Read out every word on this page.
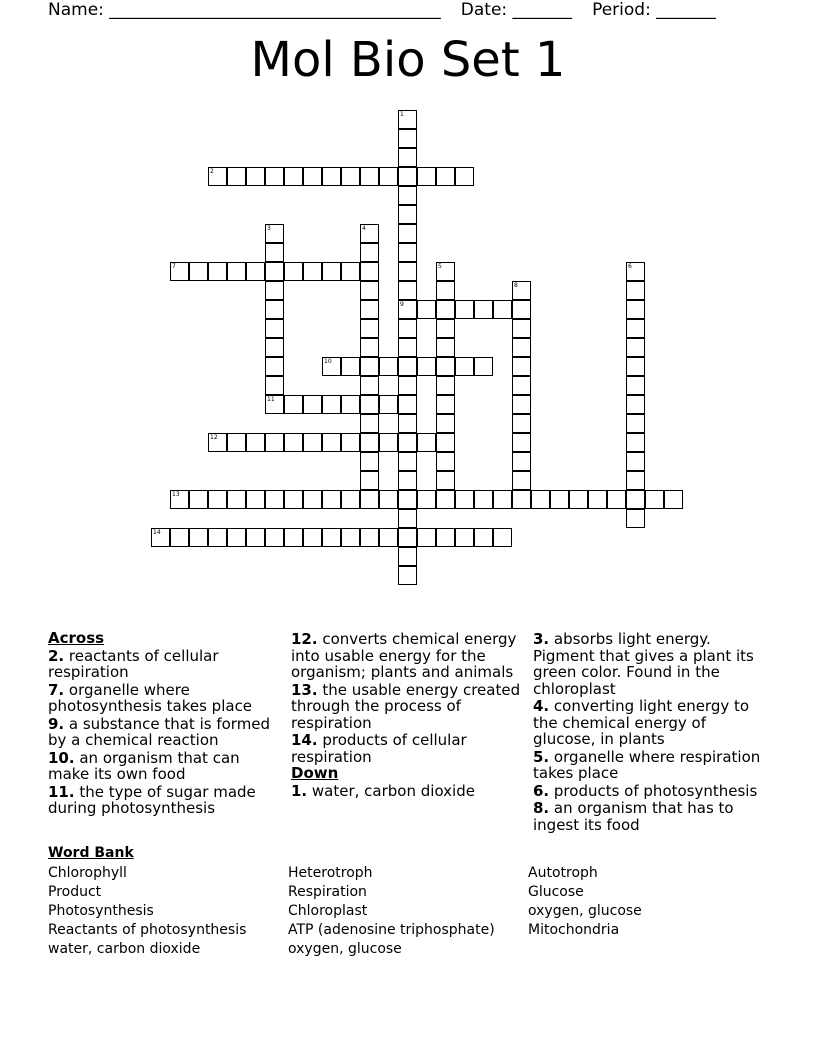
Name: _______________________________________ Date: _______ Period: _______
Mol Bio Set 1
2
7
9
10
11
12
13
14
1
3	4
5	6
8
Across
2. reactants of cellular respiration
7. organelle where photosynthesis takes place
9. a substance that is formed by a chemical reaction
10. an organism that can make its own food
11. the type of sugar made during photosynthesis
12. converts chemical energy into usable energy for the organism; plants and animals
13. the usable energy created through the process of respiration
14. products of cellular respiration
Down
1. water, carbon dioxide
3. absorbs light energy. Pigment that gives a plant its green color. Found in the chloroplast
4. converting light energy to the chemical energy of glucose, in plants
5. organelle where respiration takes place
6. products of photosynthesis
8. an organism that has to ingest its food
Word Bank
Chlorophyll
Product
Photosynthesis
Reactants of photosynthesis
water, carbon dioxide
Heterotroph
Respiration
Chloroplast
ATP (adenosine triphosphate)
oxygen, glucose
Autotroph
Glucose
oxygen, glucose
Mitochondria
